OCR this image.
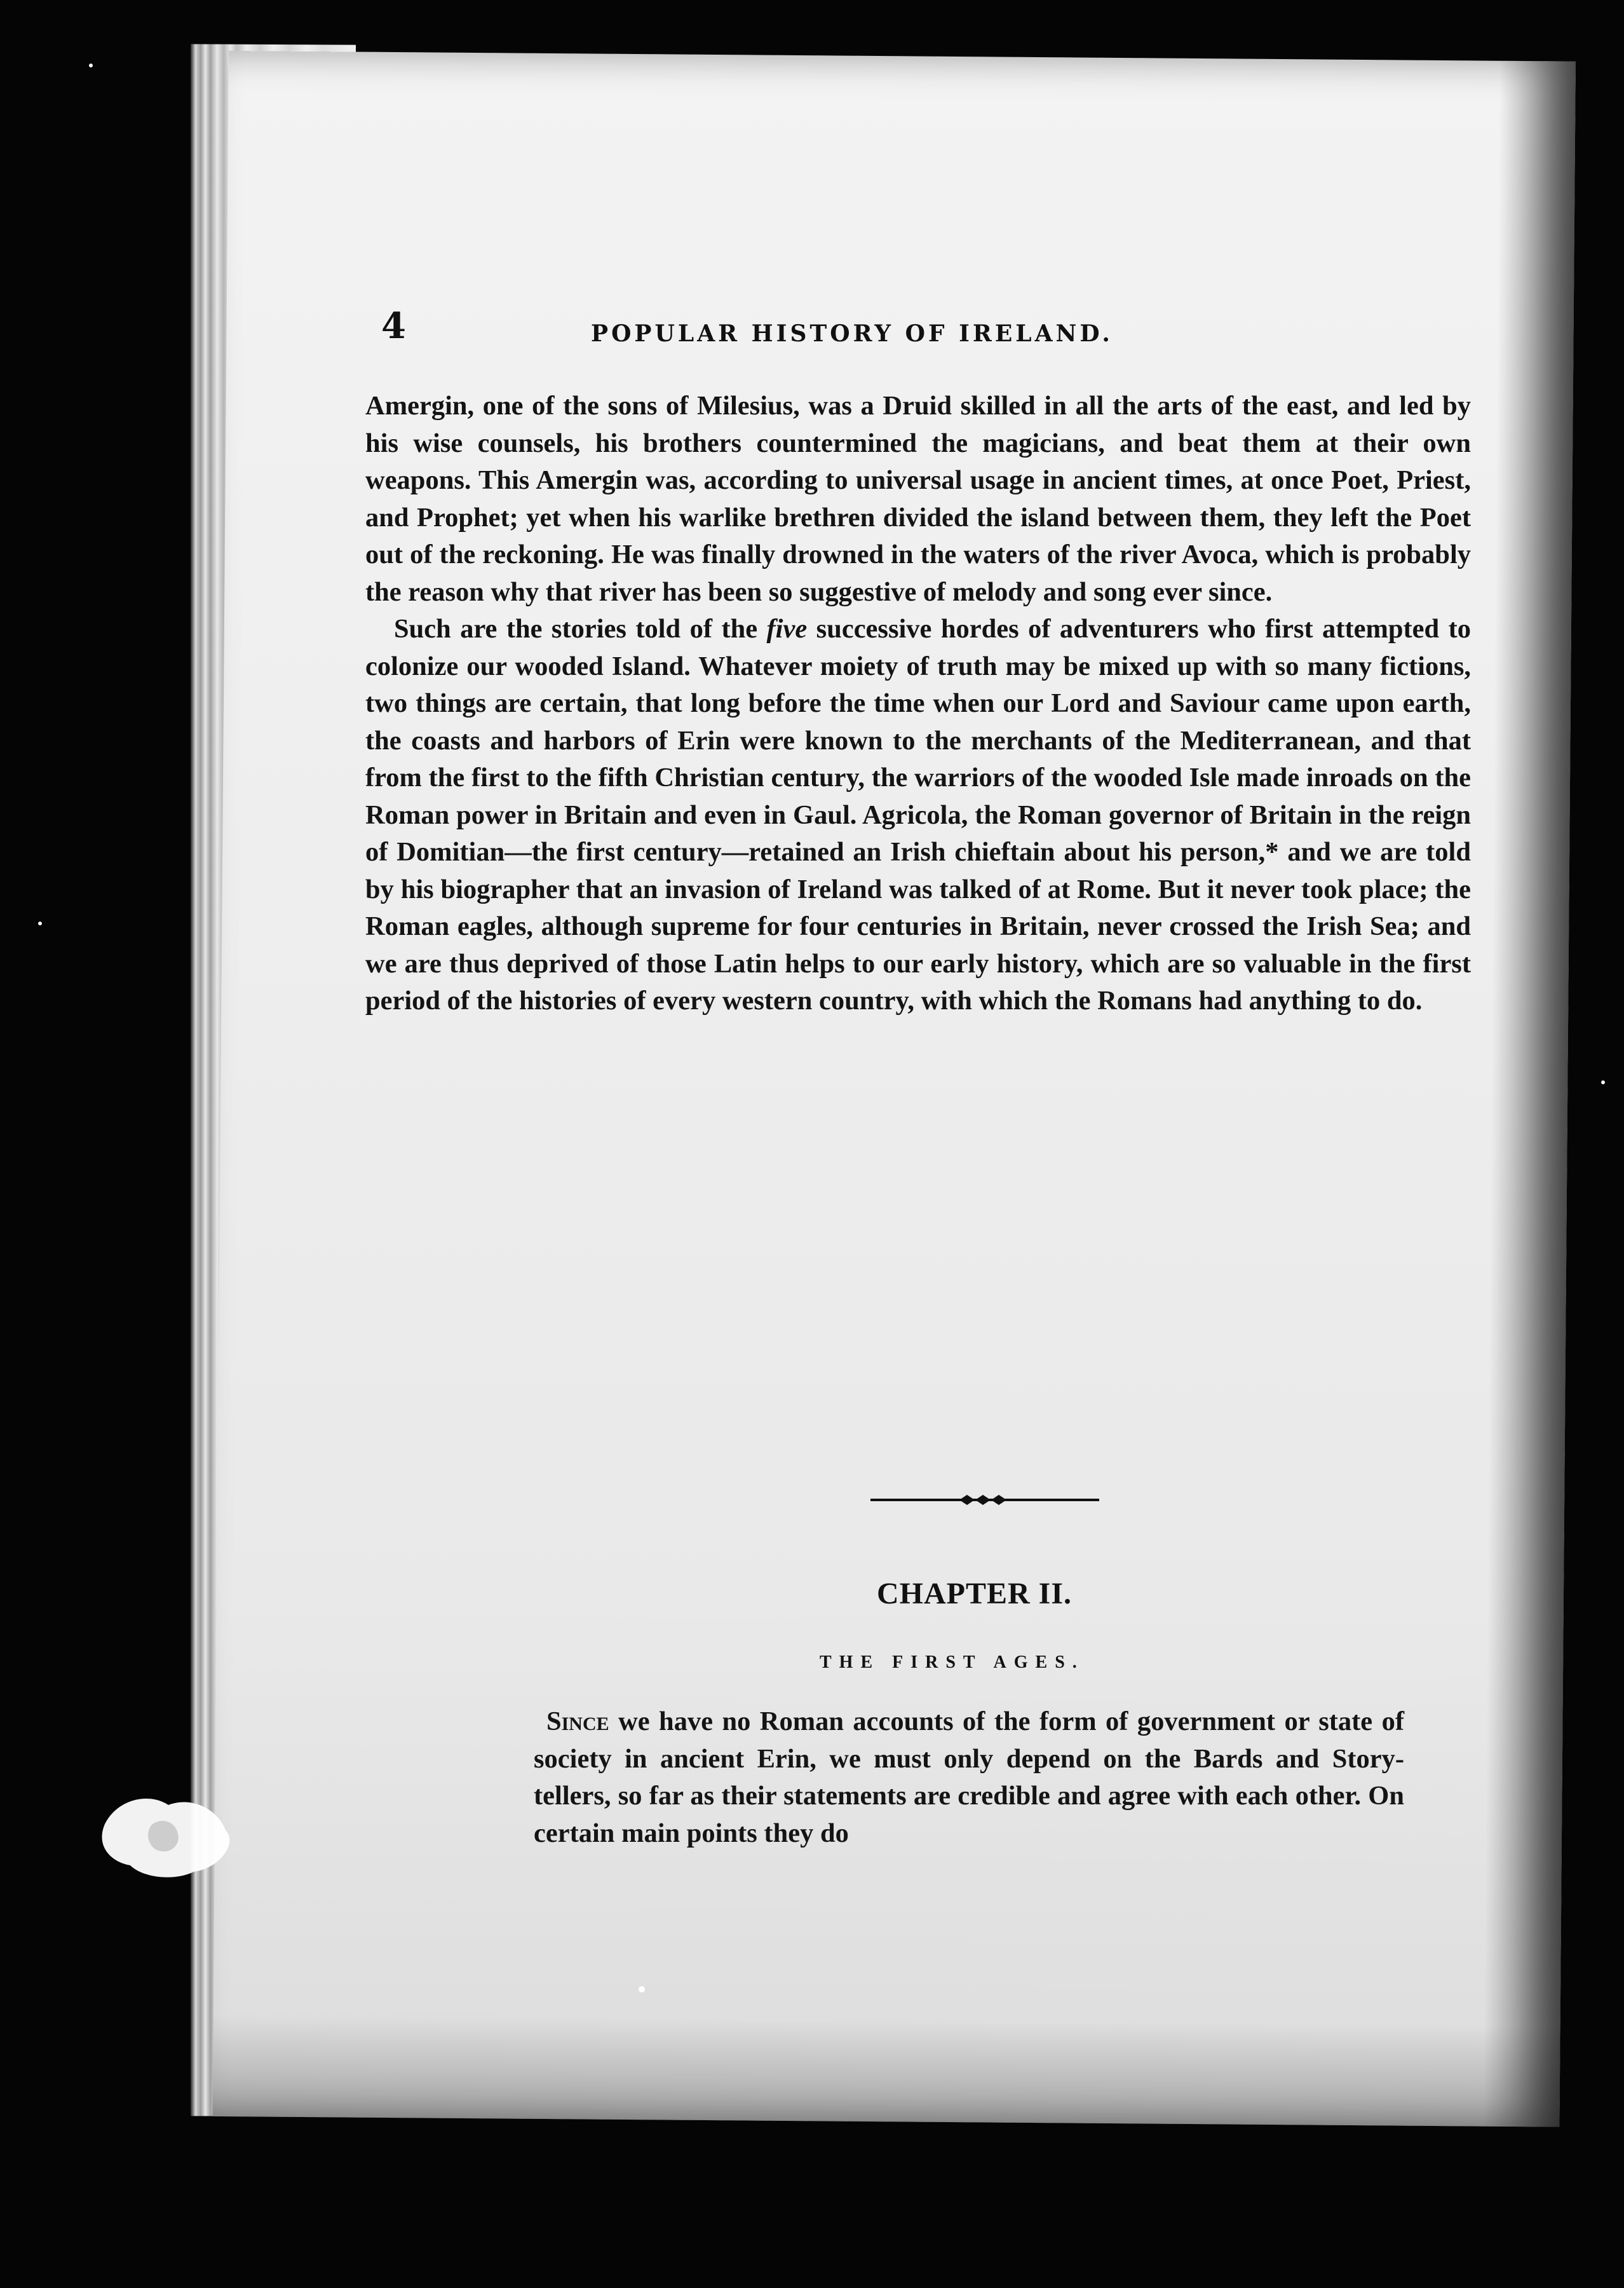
4	POPULAR HISTORY OF IRELAND.

Amergin, one of the sons of Milesius, was a Druid skilled in all the arts of the east, and led by his wise counsels, his brothers countermined the magicians, and beat them at their own weapons. This Amergin was, according to universal usage in ancient times, at once Poet, Priest, and Prophet; yet when his warlike brethren divided the island between them, they left the Poet out of the reckoning. He was finally drowned in the waters of the river Avoca, which is probably the reason why that river has been so suggestive of melody and song ever since.

Such are the stories told of the five successive hordes of adventurers who first attempted to colonize our wooded Island. Whatever moiety of truth may be mixed up with so many fictions, two things are certain, that long before the time when our Lord and Saviour came upon earth, the coasts and harbors of Erin were known to the merchants of the Mediterranean, and that from the first to the fifth Christian century, the warriors of the wooded Isle made inroads on the Roman power in Britain and even in Gaul. Agricola, the Roman governor of Britain in the reign of Domitian—the first century—retained an Irish chieftain about his person,* and we are told by his biographer that an invasion of Ireland was talked of at Rome. But it never took place; the Roman eagles, although supreme for four centuries in Britain, never crossed the Irish Sea; and we are thus deprived of those Latin helps to our early history, which are so valuable in the first period of the histories of every western country, with which the Romans had anything to do.

CHAPTER II.
THE FIRST AGES.

Since we have no Roman accounts of the form of government or state of society in ancient Erin, we must only depend on the Bards and Story-tellers, so far as their statements are credible and agree with each other. On certain main points they do
